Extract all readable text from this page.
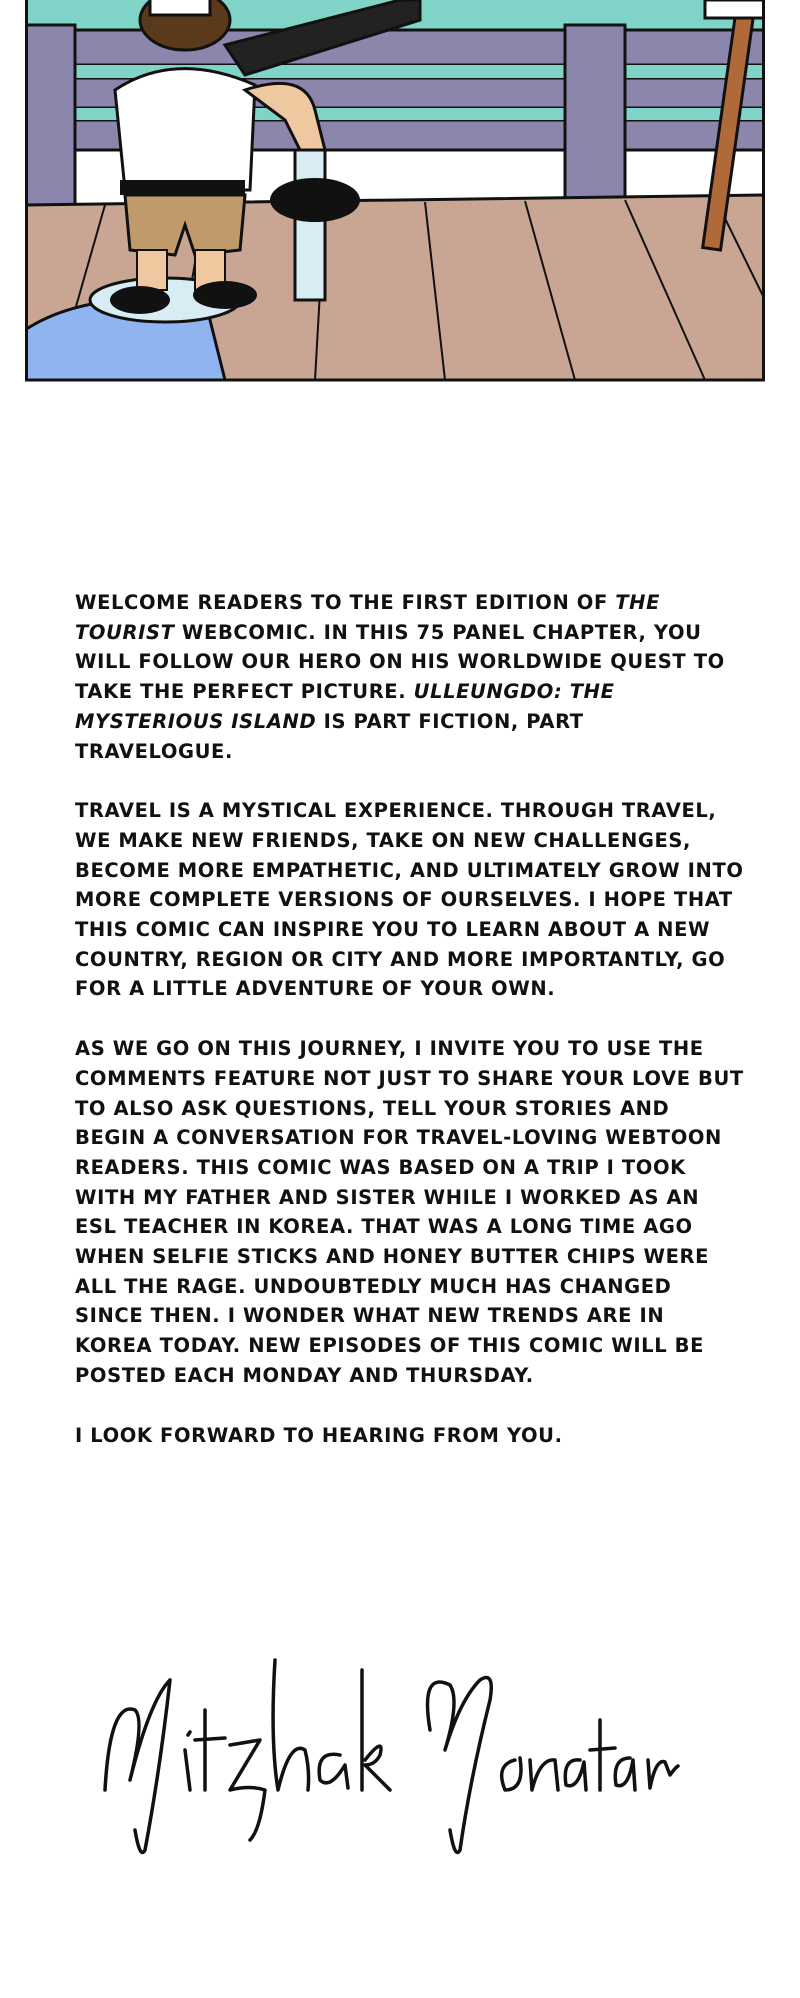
WELCOME READERS TO THE FIRST EDITION OF THE TOURIST WEBCOMIC. IN THIS 75 PANEL CHAPTER, YOU WILL FOLLOW OUR HERO ON HIS WORLDWIDE QUEST TO TAKE THE PERFECT PICTURE. ULLEUNGDO: THE MYSTERIOUS ISLAND IS PART FICTION, PART TRAVELOGUE.

TRAVEL IS A MYSTICAL EXPERIENCE. THROUGH TRAVEL, WE MAKE NEW FRIENDS, TAKE ON NEW CHALLENGES, BECOME MORE EMPATHETIC, AND ULTIMATELY GROW INTO MORE COMPLETE VERSIONS OF OURSELVES. I HOPE THAT THIS COMIC CAN INSPIRE YOU TO LEARN ABOUT A NEW COUNTRY, REGION OR CITY AND MORE IMPORTANTLY, GO FOR A LITTLE ADVENTURE OF YOUR OWN.

AS WE GO ON THIS JOURNEY, I INVITE YOU TO USE THE COMMENTS FEATURE NOT JUST TO SHARE YOUR LOVE BUT TO ALSO ASK QUESTIONS, TELL YOUR STORIES AND BEGIN A CONVERSATION FOR TRAVEL-LOVING WEBTOON READERS. THIS COMIC WAS BASED ON A TRIP I TOOK WITH MY FATHER AND SISTER WHILE I WORKED AS AN ESL TEACHER IN KOREA. THAT WAS A LONG TIME AGO WHEN SELFIE STICKS AND HONEY BUTTER CHIPS WERE ALL THE RAGE. UNDOUBTEDLY MUCH HAS CHANGED SINCE THEN. I WONDER WHAT NEW TRENDS ARE IN KOREA TODAY. NEW EPISODES OF THIS COMIC WILL BE POSTED EACH MONDAY AND THURSDAY.

I LOOK FORWARD TO HEARING FROM YOU.
